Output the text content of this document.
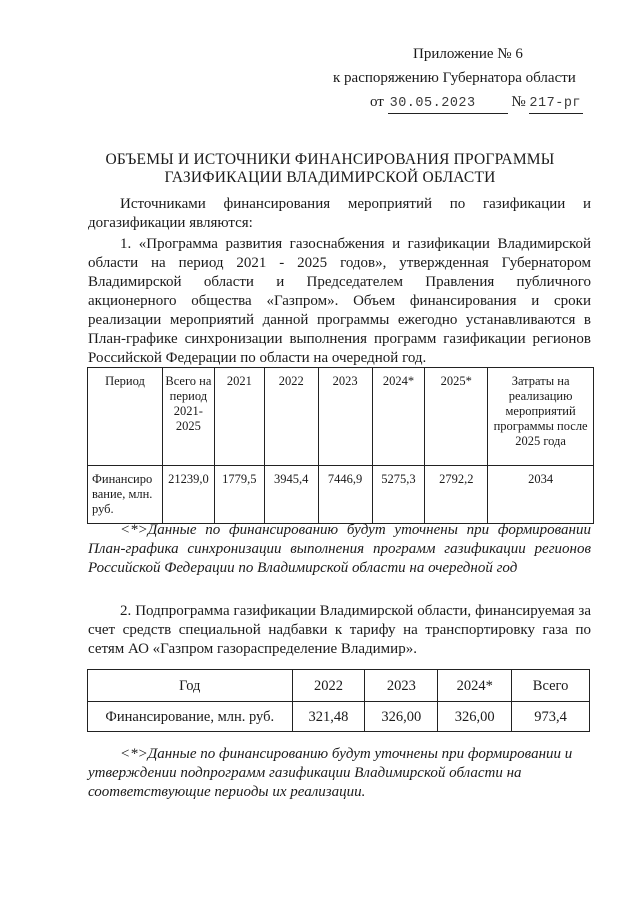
Приложение № 6
к распоряжению Губернатора области
от 30.05.2023 № 217-рг
ОБЪЕМЫ И ИСТОЧНИКИ ФИНАНСИРОВАНИЯ ПРОГРАММЫ
ГАЗИФИКАЦИИ ВЛАДИМИРСКОЙ ОБЛАСТИ
Источниками финансирования мероприятий по газификации и
догазификации являются:
1. «Программа развития газоснабжения и газификации Владимирской
области на период 2021 - 2025 годов», утвержденная Губернатором
Владимирской области и Председателем Правления публичного
акционерного общества «Газпром». Объем финансирования и сроки
реализации мероприятий данной программы ежегодно устанавливаются в
План-графике синхронизации выполнения программ газификации регионов
Российской Федерации по области на очередной год.
Период	Всего на период 2021-2025	2021	2022	2023	2024*	2025*	Затраты на реализацию мероприятий программы после 2025 года
Финансиро вание, млн. руб.	21239,0	1779,5	3945,4	7446,9	5275,3	2792,2	2034
<*>Данные по финансированию будут уточнены при формировании
План-графика синхронизации выполнения программ газификации регионов
Российской Федерации по Владимирской области на очередной год
2. Подпрограмма газификации Владимирской области, финансируемая за
счет средств специальной надбавки к тарифу на транспортировку газа по
сетям АО «Газпром газораспределение Владимир».
Год	2022	2023	2024*	Всего
Финансирование, млн. руб.	321,48	326,00	326,00	973,4
<*>Данные по финансированию будут уточнены при формировании и
утверждении подпрограмм газификации Владимирской области на
соответствующие периоды их реализации.
